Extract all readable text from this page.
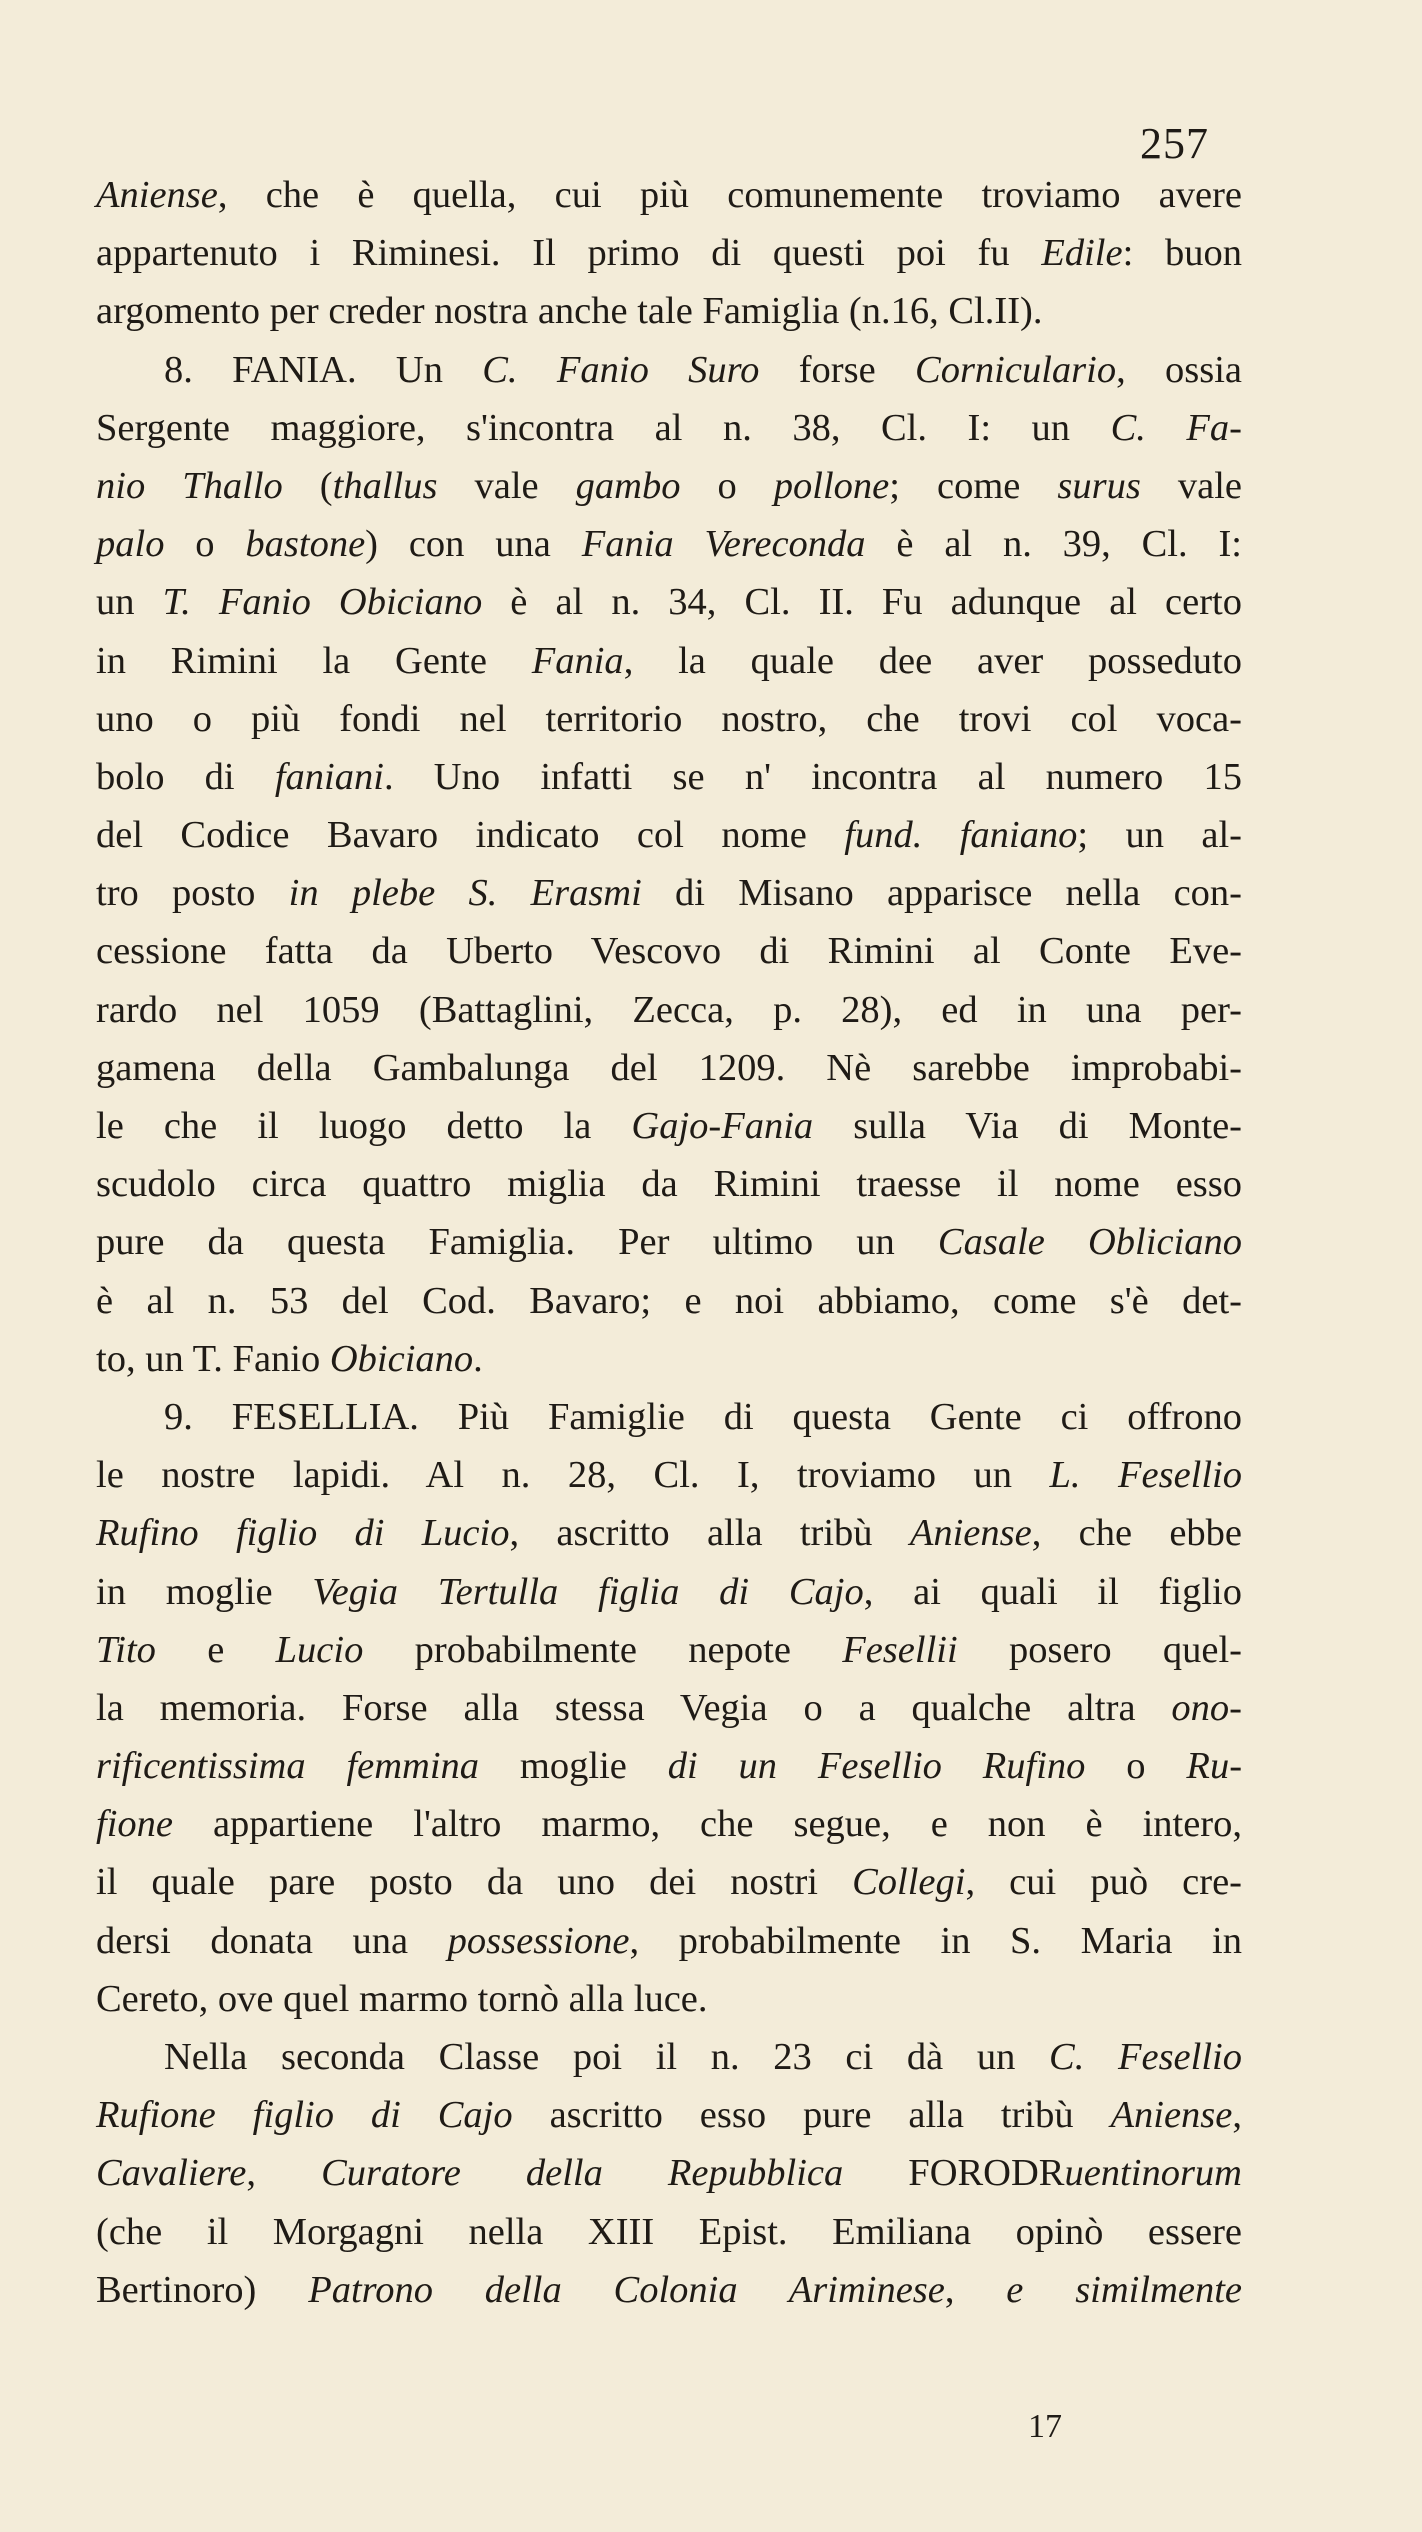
257
Aniense, che è quella, cui più comunemente troviamo avere
appartenuto i Riminesi. Il primo di questi poi fu Edile: buon
argomento per creder nostra anche tale Famiglia (n.16, Cl.II).
8. FANIA. Un C. Fanio Suro forse Corniculario, ossia
Sergente maggiore, s'incontra al n. 38, Cl. I: un C. Fa-
nio Thallo (thallus vale gambo o pollone; come surus vale
palo o bastone) con una Fania Vereconda è al n. 39, Cl. I:
un T. Fanio Obiciano è al n. 34, Cl. II. Fu adunque al certo
in Rimini la Gente Fania, la quale dee aver posseduto
uno o più fondi nel territorio nostro, che trovi col voca-
bolo di faniani. Uno infatti se n' incontra al numero 15
del Codice Bavaro indicato col nome fund. faniano; un al-
tro posto in plebe S. Erasmi di Misano apparisce nella con-
cessione fatta da Uberto Vescovo di Rimini al Conte Eve-
rardo nel 1059 (Battaglini, Zecca, p. 28), ed in una per-
gamena della Gambalunga del 1209. Nè sarebbe improbabi-
le che il luogo detto la Gajo-Fania sulla Via di Monte-
scudolo circa quattro miglia da Rimini traesse il nome esso
pure da questa Famiglia. Per ultimo un Casale Obliciano
è al n. 53 del Cod. Bavaro; e noi abbiamo, come s'è det-
to, un T. Fanio Obiciano.
9. FESELLIA. Più Famiglie di questa Gente ci offrono
le nostre lapidi. Al n. 28, Cl. I, troviamo un L. Fesellio
Rufino figlio di Lucio, ascritto alla tribù Aniense, che ebbe
in moglie Vegia Tertulla figlia di Cajo, ai quali il figlio
Tito e Lucio probabilmente nepote Fesellii posero quel-
la memoria. Forse alla stessa Vegia o a qualche altra ono-
rificentissima femmina moglie di un Fesellio Rufino o Ru-
fione appartiene l'altro marmo, che segue, e non è intero,
il quale pare posto da uno dei nostri Collegi, cui può cre-
dersi donata una possessione, probabilmente in S. Maria in
Cereto, ove quel marmo tornò alla luce.
Nella seconda Classe poi il n. 23 ci dà un C. Fesellio
Rufione figlio di Cajo ascritto esso pure alla tribù Aniense,
Cavaliere, Curatore della Repubblica FORODRuentinorum
(che il Morgagni nella XIII Epist. Emiliana opinò essere
Bertinoro) Patrono della Colonia Ariminese, e similmente
17
